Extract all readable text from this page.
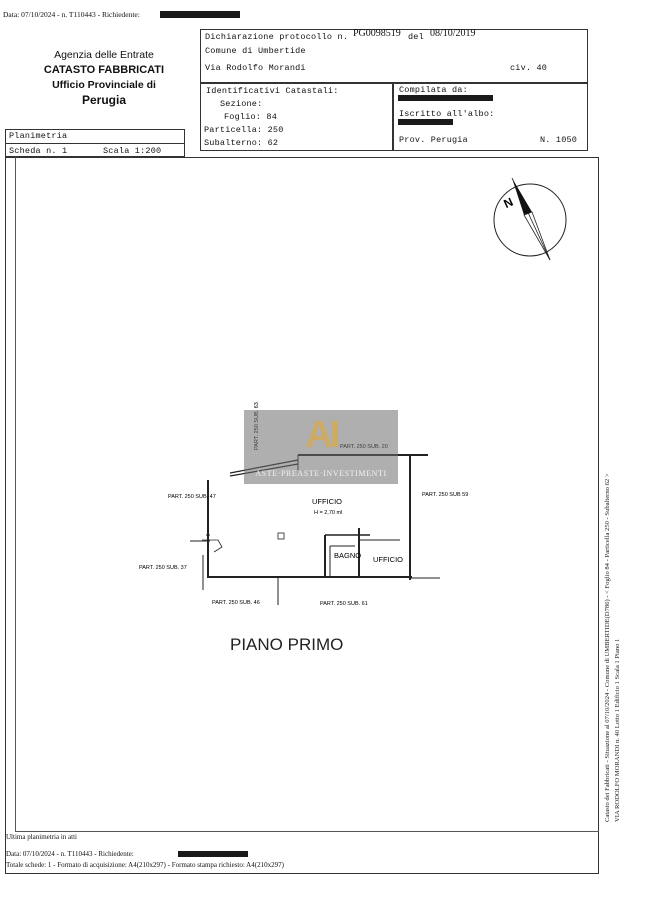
Data: 07/10/2024 - n. T110443 - Richiedente:
Agenzia delle Entrate
CATASTO FABBRICATI
Ufficio Provinciale di
Perugia
Dichiarazione protocollo n. PG0098519 del 08/10/2019
Comune di Umbertide
Via Rodolfo Morandi	civ. 40
Identificativi Catastali:
Sezione:
Foglio: 84
Particella: 250
Subalterno: 62
Compilata da:
Iscritto all'albo:
Prov. Perugia	N. 1050
Planimetria
Scheda n. 1	Scala 1:200
N
PART. 250 SUB. 47	PART. 250 SUB 59
PART. 250 SUB. 37
PART. 250 SUB. 46	PART. 250 SUB. 61
UFFICIO
H = 2,70 ml
BAGNO UFFICIO
AI
ASTE·PREASTE·INVESTIMENTI
PIANO PRIMO	Catasto dei Fabbricati - Situazione al 07/10/2024 - Comune di UMBERTIDE(D786) - < Foglio 84 - Particella 250 - Subalterno 62 > VIA RODOLFO MORANDI n. 40 Lotto 1 Edificio 1 Scala 1 Piano 1
Ultima planimetria in atti
Data: 07/10/2024 - n. T110443 - Richiedente:
Totale schede: 1 - Formato di acquisizione: A4(210x297) - Formato stampa richiesto: A4(210x297)
